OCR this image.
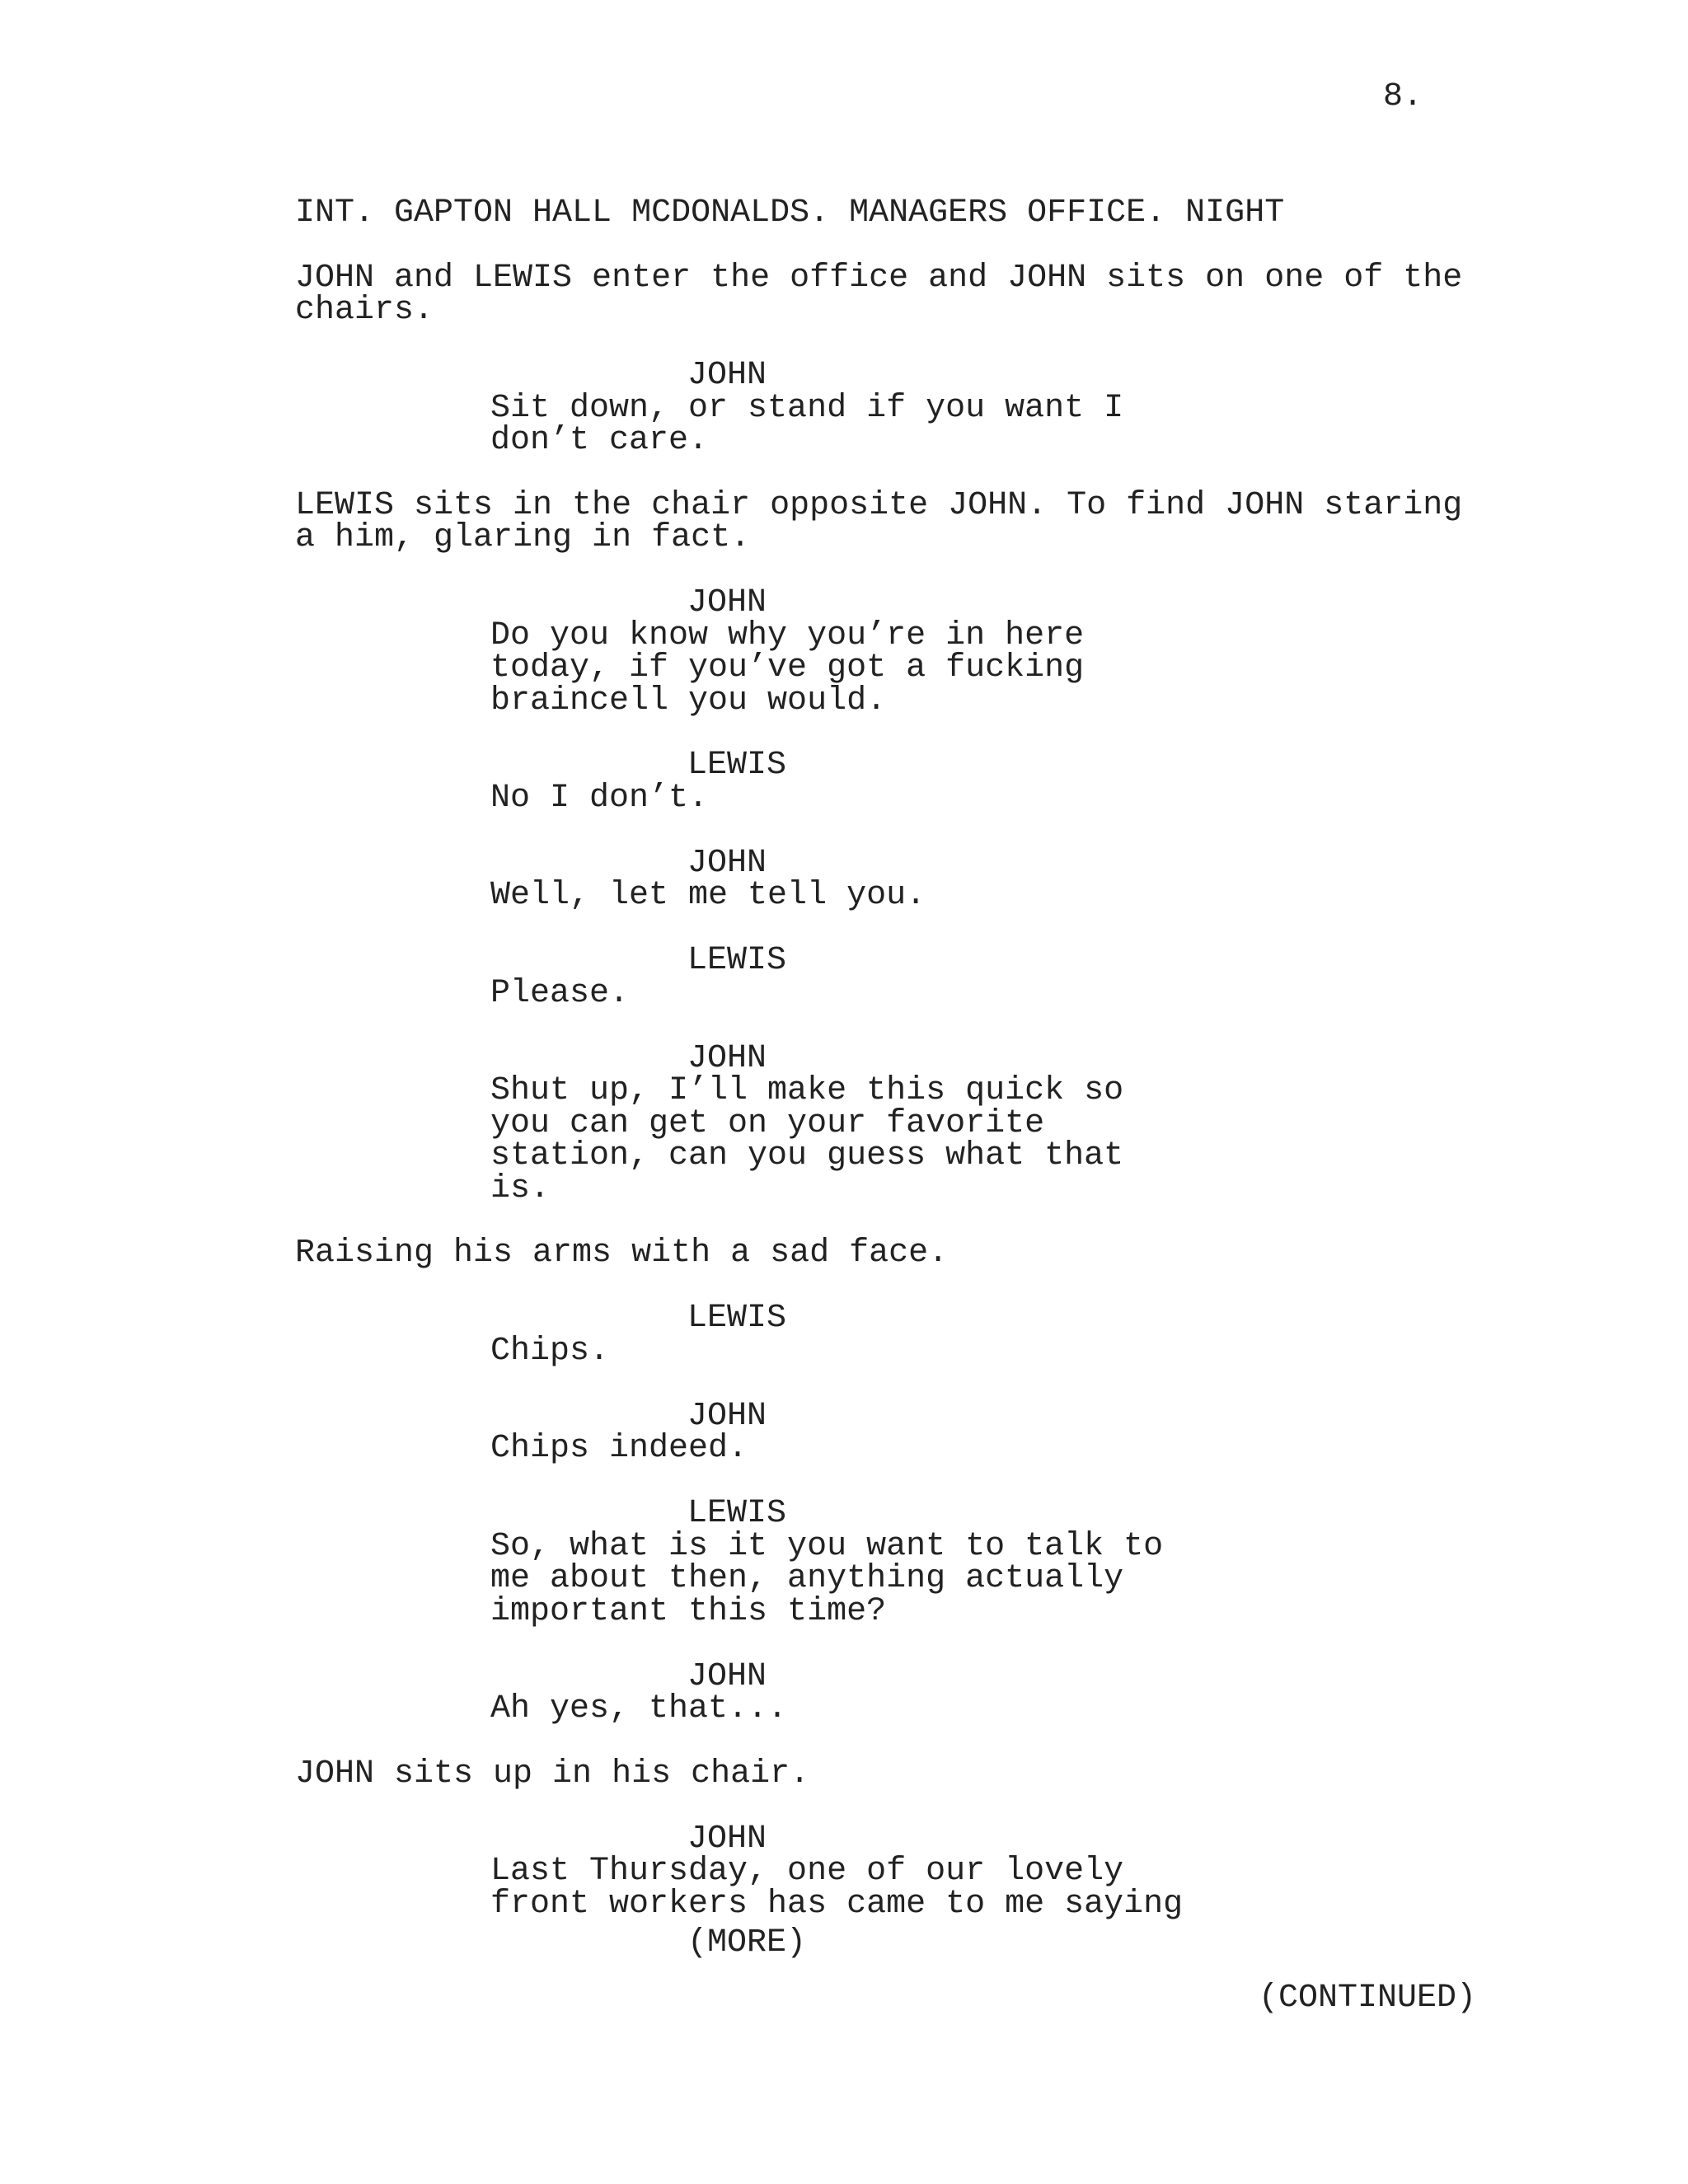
8.

INT. GAPTON HALL MCDONALDS. MANAGERS OFFICE. NIGHT

JOHN and LEWIS enter the office and JOHN sits on one of the

chairs.

JOHN

Sit down, or stand if you want I

don’t care.

LEWIS sits in the chair opposite JOHN. To find JOHN staring

a him, glaring in fact.

JOHN

Do you know why you’re in here

today, if you’ve got a fucking

braincell you would.

LEWIS

No I don’t.

JOHN

Well, let me tell you.

LEWIS

Please.

JOHN

Shut up, I’ll make this quick so

you can get on your favorite

station, can you guess what that

is.

Raising his arms with a sad face.

LEWIS

Chips.

JOHN

Chips indeed.

LEWIS

So, what is it you want to talk to

me about then, anything actually

important this time?

JOHN

Ah yes, that...

JOHN sits up in his chair.

JOHN

Last Thursday, one of our lovely

front workers has came to me saying

(MORE)

(CONTINUED)
